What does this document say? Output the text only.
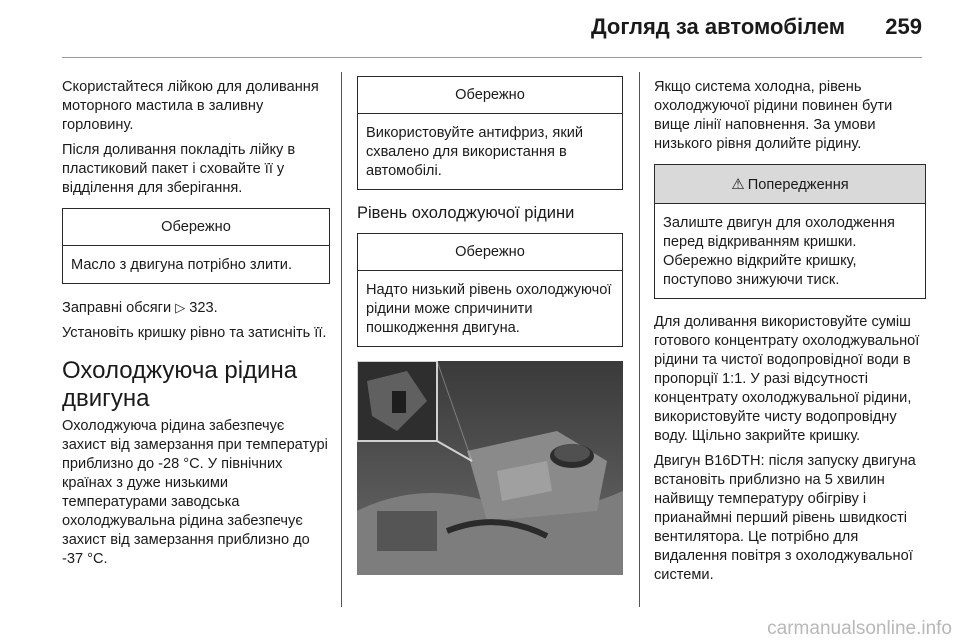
Догляд за автомобілем 259

Скористайтеся лійкою для доливання моторного мастила в заливну горловину.

Після доливання покладіть лійку в пластиковий пакет і сховайте її у відділення для зберігання.

Обережно
Масло з двигуна потрібно злити.

Заправні обсяги ▷ 323.

Установіть кришку рівно та затисніть її.

Охолоджуюча рідина двигуна

Охолоджуюча рідина забезпечує захист від замерзання при температурі приблизно до -28 °C. У північних країнах з дуже низькими температурами заводська охолоджувальна рідина забезпечує захист від замерзання приблизно до -37 °C.

Обережно
Використовуйте антифриз, який схвалено для використання в автомобілі.
Рівень охолоджуючої рідини
Обережно
Надто низький рівень охолоджуючої рідини може спричинити пошкодження двигуна.

Якщо система холодна, рівень охолоджуючої рідини повинен бути вище лінії наповнення. За умови низького рівня долийте рідину.

⚠ Попередження
Залиште двигун для охолодження перед відкриванням кришки. Обережно відкрийте кришку, поступово знижуючи тиск.

Для доливання використовуйте суміш готового концентрату охолоджувальної рідини та чистої водопровідної води в пропорції 1:1. У разі відсутності концентрату охолоджувальної рідини, використовуйте чисту водопровідну воду. Щільно закрийте кришку.

Двигун B16DTH: після запуску двигуна встановіть приблизно на 5 хвилин найвищу температуру обігріву і прианаймні перший рівень швидкості вентилятора. Це потрібно для видалення повітря з охолоджувальної системи.

carmanualsonline.info
